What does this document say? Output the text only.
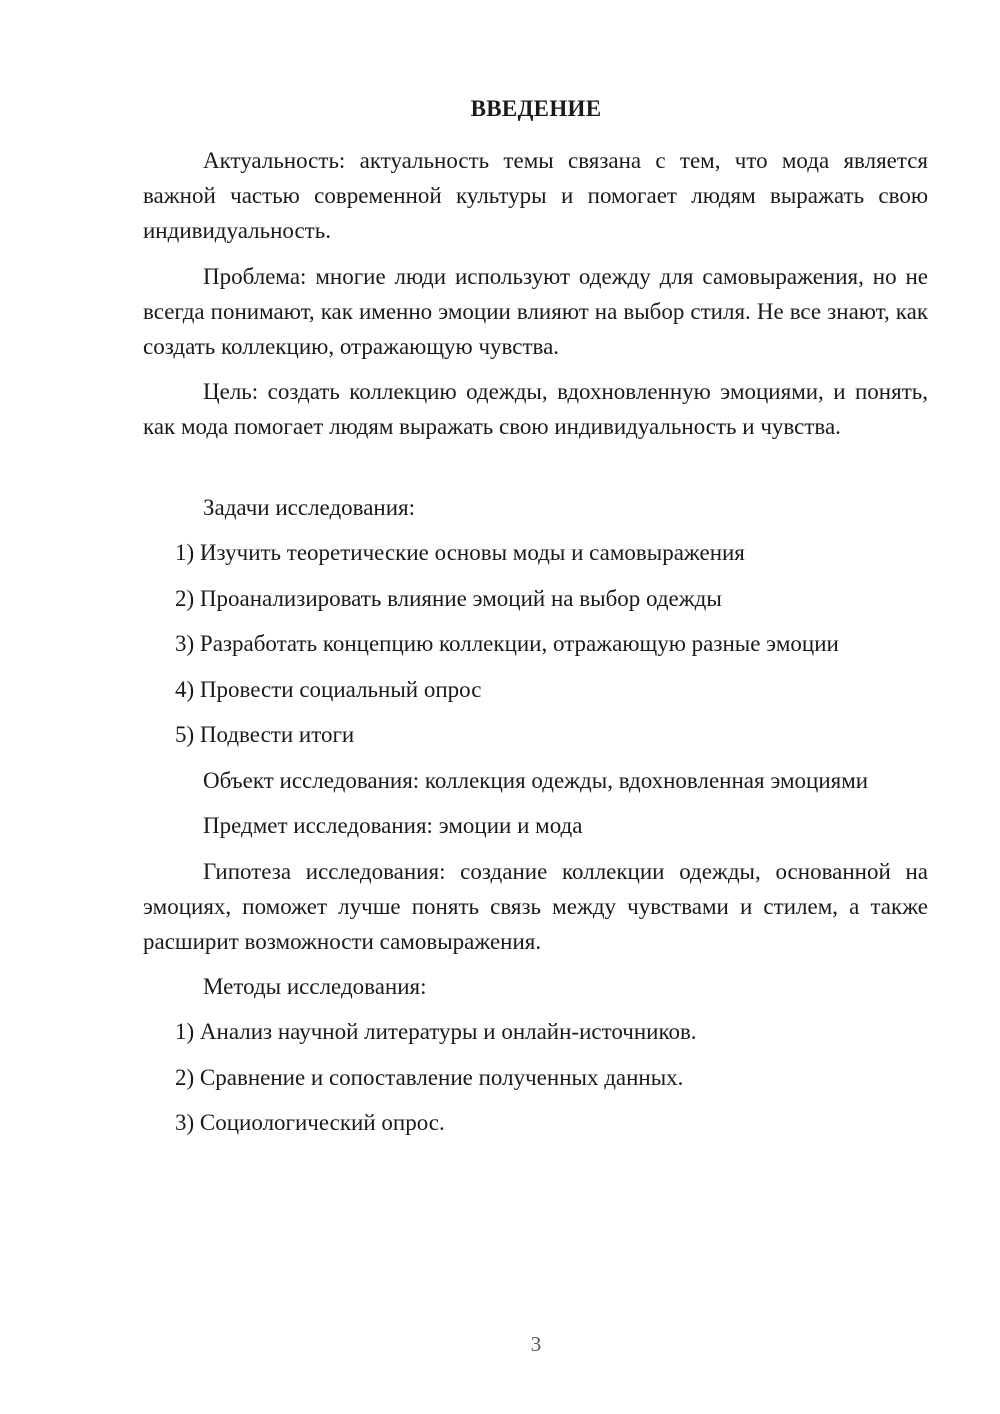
ВВЕДЕНИЕ

Актуальность: актуальность темы связана с тем, что мода является важной частью современной культуры и помогает людям выражать свою индивидуальность.

Проблема: многие люди используют одежду для самовыражения, но не всегда понимают, как именно эмоции влияют на выбор стиля. Не все знают, как создать коллекцию, отражающую чувства.

Цель: создать коллекцию одежды, вдохновленную эмоциями, и понять, как мода помогает людям выражать свою индивидуальность и чувства.

Задачи исследования:
1) Изучить теоретические основы моды и самовыражения
2) Проанализировать влияние эмоций на выбор одежды
3) Разработать концепцию коллекции, отражающую разные эмоции
4) Провести социальный опрос
5) Подвести итоги
Объект исследования: коллекция одежды, вдохновленная эмоциями
Предмет исследования: эмоции и мода

Гипотеза исследования: создание коллекции одежды, основанной на эмоциях, поможет лучше понять связь между чувствами и стилем, а также расширит возможности самовыражения.

Методы исследования:
1) Анализ научной литературы и онлайн-источников.
2) Сравнение и сопоставление полученных данных.
3) Социологический опрос.
3
